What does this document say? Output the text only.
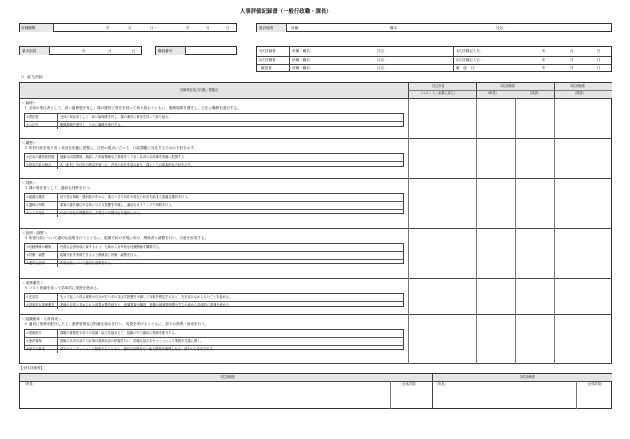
人事評価記録書（一般行政職・課長）
評価期間	年	月	日～	年	月	日	被評価者	所属：	職名：	氏名：
業末面談	年	月	日	職員番号	1次評価者	所属・職名：	氏名：	1次評価記入日：	年	月	日
2次評価者	所属・職名：	氏名：	2次評価記入日：	年	月	日
確認者	所属・職名：	氏名：	確　認　日：	年	月	日
（Ⅰ　能力評価）
評価項目及び行動／着眼点
自己申告
（コメント／必要に応じ）
1次評価者
（所見）	（評語）
2次評価者
（評語）
＜倫理＞
１ 全体の奉仕者として、高い倫理感を有し、課の運営に責任を持って取り組むとともに、服務規律を遵守し、公正に職務を遂行する。
①責任感	全体の奉仕者として、高い倫理感を有し、課の運営に責任を持って取り組む。
②公正性	服務規律を遵守し、公正に職務を遂行する。
＜構想＞
２ 所管行政を取り巻く状況を的確に把握し、住民の視点に立って、行政課題に対応するための方針を示す。
①状況の構造的把握	複雑な因果関係、錯綜した利害関係など業務をとりまく状況の全体像を的確に把握する
②基本方針の明示	市（町村）や住民の利益を第一に、内外の変化を読み取り、課としての基本的な方針を示す。
＜判断＞
３ 課の責任者として、適切な判断を行う。
①最適な選択	授り得る戦略・選択肢の中から、進むべき方向性や現在の状況を踏まえ最適な選択を行う。
②適時の判断	事案の優先順位や全体に与える影響を考慮し、適切なタイミングで判断を行う。
③リスク対応	状況の変化や問題発生した場合の早期対応を適切に行う。
＜説明・調整＞
４ 所管行政について適切な説明を行うとともに、組織方針の実現に向け、関係者と調整を行い、合意を形成する。
①信頼関係の構築	円滑な合意形成に資するよう、日頃から対外的な信頼関係を構築する。
②折衝・調整	組織方針を実現できるよう関係者と折衝・調整を行う。
③適切な説明	所管行政について適切な説明を行う。
＜業務運営＞
５ コスト意識を持って効率的に業務を進める。
①先見性	先々で起こり得る事態や自分が打つ手の及ぼす影響を予測して対策を想定するなど、先を読みながらものごとを進める。
②効率的な業務運営	業務の目的と求められる成果水準を踏まえ、組織投資や職員、経費の削減等時間や労力の面から効率的に業務を進める。
＜組織統率・人材育成＞
６ 適切に業務を配分した上、進捗管理及び的確な指示を行い、成果を挙げるとともに、部下の指導・育成を行う。
①業務配分	課題の重要性や部下の役割・能力を踏まえて、組織の中で適切に業務を配分する。
②進捗管理	情報の共有や部下の仕事の進捗状況の把握を行い、的確な指示を行うことにより業務を完遂に導く。
③部下の育成	部下のコンディションに配慮するとともに、適切な指導を行い能力開発を後押しなど、部下の力を引き出す。
【全体評価等】
1次評価者	2次評価者
（所見）	（全体評語）	（所見）	（全体評語）
